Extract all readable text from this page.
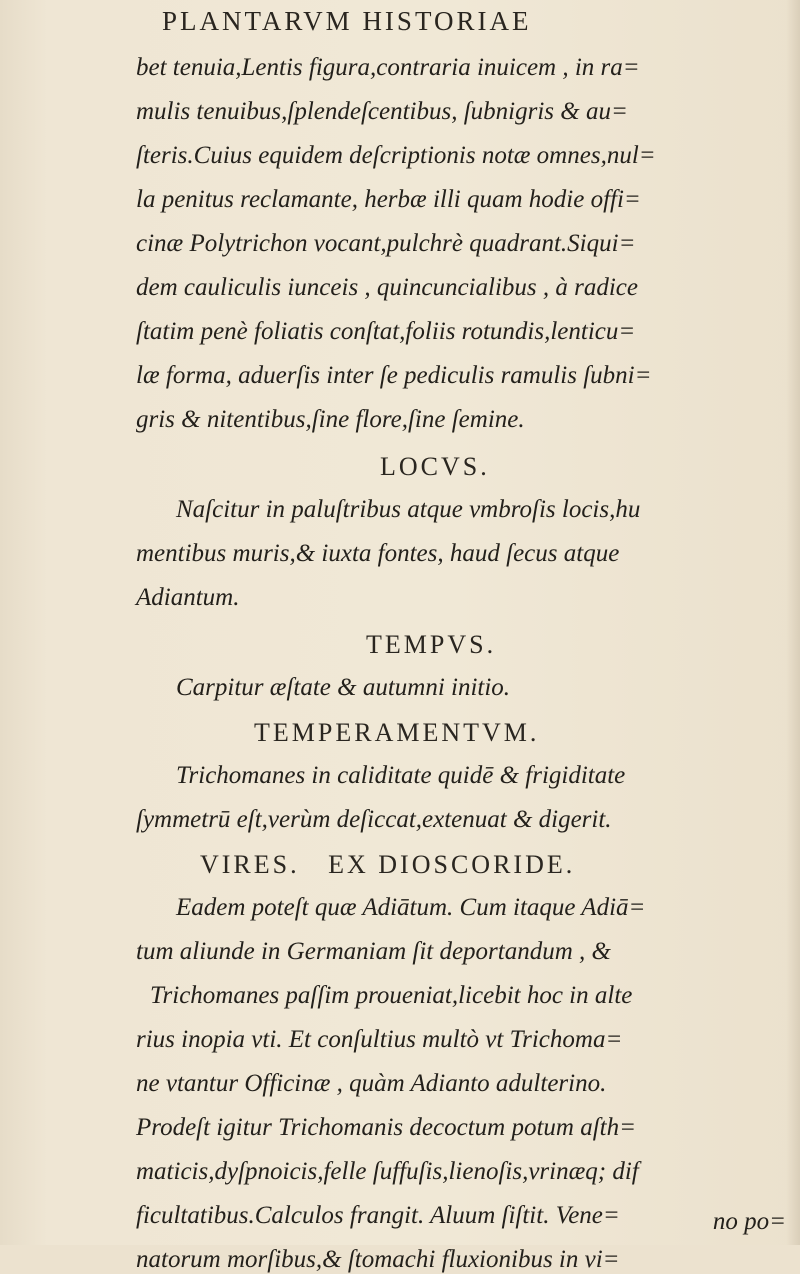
PLANTARVM HISTORIAE
bet tenuia,Lentis figura,contraria inuicem , in ra=
mulis tenuibus,ſplendeſcentibus, ſubnigris & au=
ſteris.Cuius equidem deſcriptionis notæ omnes,nul=
la penitus reclamante, herbæ illi quam hodie offi=
cinæ Polytrichon vocant,pulchrè quadrant.Siqui=
dem cauliculis iunceis , quincuncialibus , à radice
ſtatim penè foliatis conſtat,foliis rotundis,lenticu=
læ forma, aduerſis inter ſe pediculis ramulis ſubni=
gris & nitentibus,ſine flore,ſine ſemine.
LOCVS.
Naſcitur in paluſtribus atque vmbroſis locis,hu
mentibus muris,& iuxta fontes, haud ſecus atque
Adiantum.
TEMPVS.
Carpitur æſtate & autumni initio.
TEMPERAMENTVM.
Trichomanes in caliditate quidē & frigiditate
ſymmetrū eſt,verùm deſiccat,extenuat & digerit.
VIRES.   EX DIOSCORIDE.
Eadem poteſt quæ Adiātum. Cum itaque Adiā=
tum aliunde in Germaniam ſit deportandum , &
Trichomanes paſſim proueniat,licebit hoc in alte
rius inopia vti. Et conſultius multò vt Trichoma=
ne vtantur Officinæ , quàm Adianto adulterino.
Prodeſt igitur Trichomanis decoctum potum aſth=
maticis,dyſpnoicis,felle ſuffuſis,lienoſis,vrinæq; dif
ficultatibus.Calculos frangit. Aluum ſiſtit. Vene=
natorum morſibus,& ſtomachi fluxionibus in vi=
no po=
